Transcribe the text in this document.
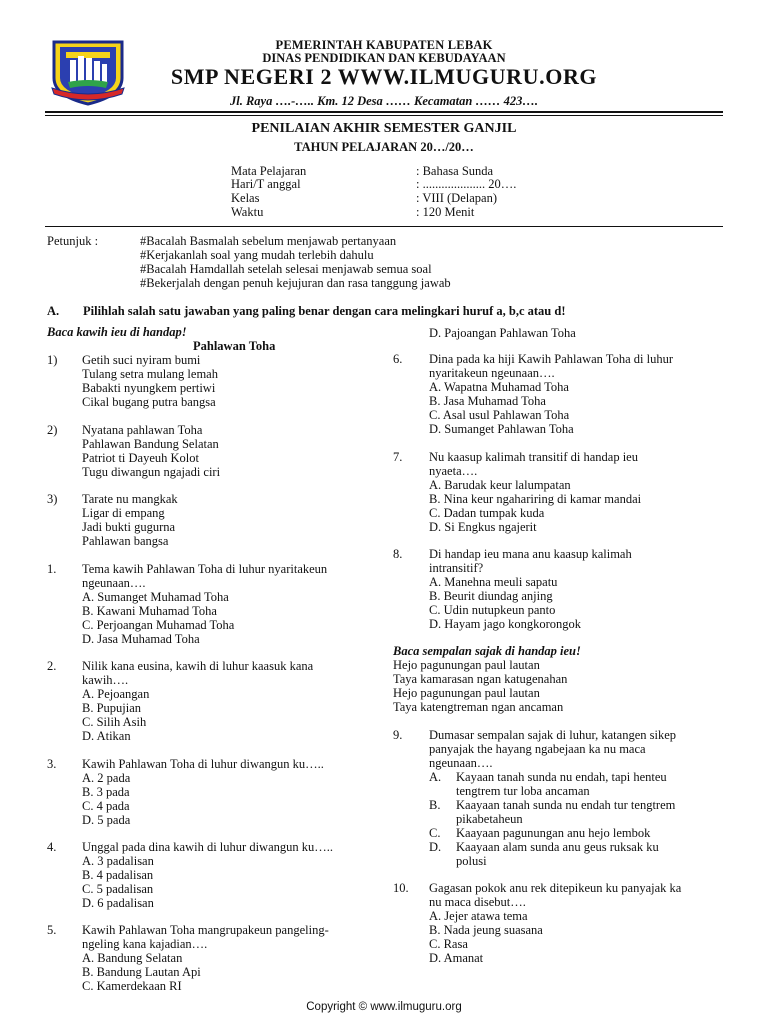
PEMERINTAH KABUPATEN LEBAK
DINAS PENDIDIKAN DAN KEBUDAYAAN
SMP NEGERI 2 WWW.ILMUGURU.ORG
Jl. Raya ….-….. Km. 12 Desa …… Kecamatan …… 423….
PENILAIAN AKHIR SEMESTER GANJIL
TAHUN PELAJARAN 20…/20…
Mata Pelajaran	: Bahasa Sunda
Hari/T anggal	: .................... 20….
Kelas	: VIII (Delapan)
Waktu	: 120 Menit
Petunjuk :	#Bacalah Basmalah sebelum menjawab pertanyaan
#Kerjakanlah soal yang mudah terlebih dahulu
#Bacalah Hamdallah setelah selesai menjawab semua soal
#Bekerjalah dengan penuh kejujuran dan rasa tanggung jawab
A. Pilihlah salah satu jawaban yang paling benar dengan cara melingkari huruf a, b,c atau d!
Baca kawih ieu di handap!
Pahlawan Toha
1) Getih suci nyiram bumi
Tulang setra mulang lemah
Babakti nyungkem pertiwi
Cikal bugang putra bangsa
2) Nyatana pahlawan Toha
Pahlawan Bandung Selatan
Patriot ti Dayeuh Kolot
Tugu diwangun ngajadi ciri
3) Tarate nu mangkak
Ligar di empang
Jadi bukti gugurna
Pahlawan bangsa
1. Tema kawih Pahlawan Toha di luhur nyaritakeun
ngeunaan….
A. Sumanget Muhamad Toha
B. Kawani Muhamad Toha
C. Perjoangan Muhamad Toha
D. Jasa Muhamad Toha
2. Nilik kana eusina, kawih di luhur kaasuk kana
kawih….
A. Pejoangan
B. Pupujian
C. Silih Asih
D. Atikan
3. Kawih Pahlawan Toha di luhur diwangun ku…..
A. 2 pada
B. 3 pada
C. 4 pada
D. 5 pada
4. Unggal pada dina kawih di luhur diwangun ku…..
A. 3 padalisan
B. 4 padalisan
C. 5 padalisan
D. 6 padalisan
5. Kawih Pahlawan Toha mangrupakeun pangeling-
ngeling kana kajadian….
A. Bandung Selatan
B. Bandung Lautan Api
C. Kamerdekaan RI
D. Pajoangan Pahlawan Toha
6. Dina pada ka hiji Kawih Pahlawan Toha di luhur
nyaritakeun ngeunaan….
A. Wapatna Muhamad Toha
B. Jasa Muhamad Toha
C. Asal usul Pahlawan Toha
D. Sumanget Pahlawan Toha
7. Nu kaasup kalimah transitif di handap ieu
nyaeta….
A. Barudak keur lalumpatan
B. Nina keur ngahariring di kamar mandai
C. Dadan tumpak kuda
D. Si Engkus ngajerit
8. Di handap ieu mana anu kaasup kalimah
intransitif?
A. Manehna meuli sapatu
B. Beurit diundag anjing
C. Udin nutupkeun panto
D. Hayam jago kongkorongok
Baca sempalan sajak di handap ieu!
Hejo pagunungan paul lautan
Taya kamarasan ngan katugenahan
Hejo pagunungan paul lautan
Taya katengtreman ngan ancaman
9. Dumasar sempalan sajak di luhur, katangen sikep
panyajak the hayang ngabejaan ka nu maca
ngeunaan….
A. Kayaan tanah sunda nu endah, tapi henteu
tengtrem tur loba ancaman
B. Kaayaan tanah sunda nu endah tur tengtrem
pikabetaheun
C. Kaayaan pagunungan anu hejo lembok
D. Kaayaan alam sunda anu geus ruksak ku
polusi
10. Gagasan pokok anu rek ditepikeun ku panyajak ka
nu maca disebut….
A. Jejer atawa tema
B. Nada jeung suasana
C. Rasa
D. Amanat
Copyright © www.ilmuguru.org
